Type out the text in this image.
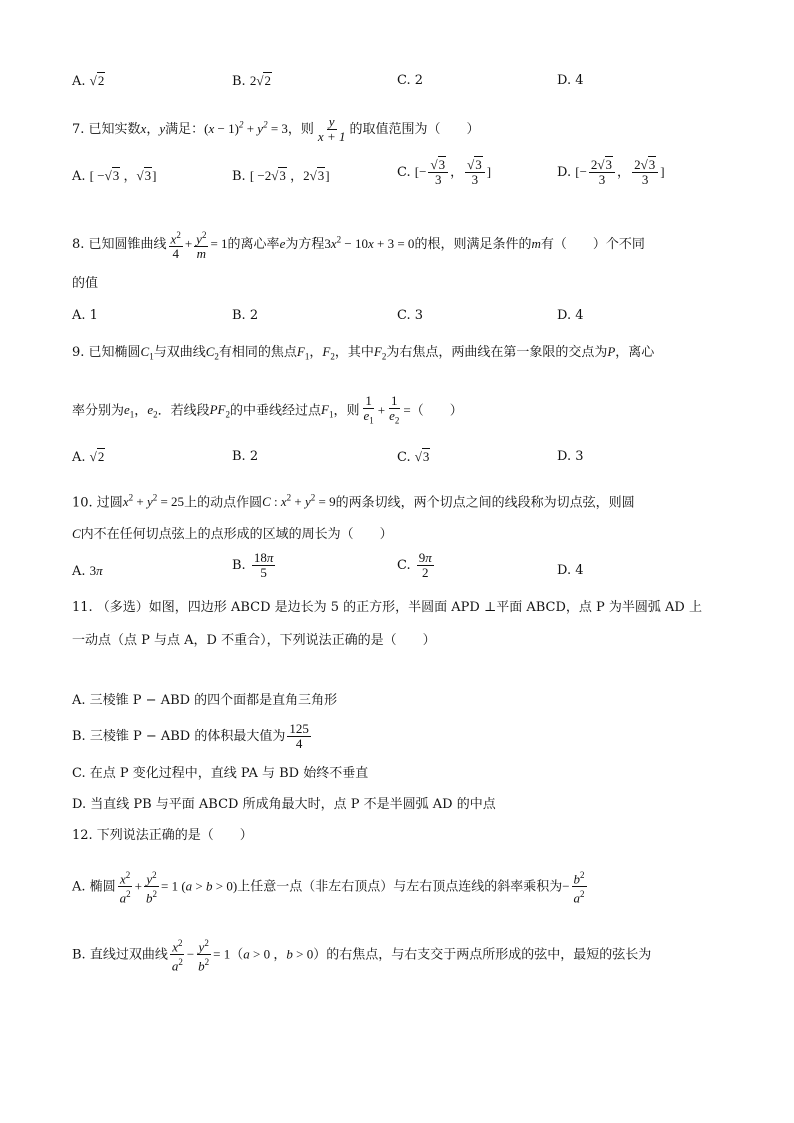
A. √2	B. 2√2	C. 2	D. 4
7. 已知实数x，y满足：$(x - 1)^2 + y^2 = 3$，则 $\frac{y}{x + 1}$ 的取值范围为（　　）
A. [ −√3 ，√3]	B. [ −2√3 ，2√3]	C. [− $\frac{√3}{3}$ ， $\frac{√3}{3}$ ]	D. [− $\frac{2√3}{3}$ ， $\frac{2√3}{3}$ ]
8. 已知圆锥曲线 $\frac{x^2}{4} + \frac{y^2}{m} = 1$的离心率e为方程$3x^2 - 10x + 3 = 0$的根，则满足条件的m有（　　）个不同
的值
A. 1	B. 2	C. 3	D. 4
9. 已知椭圆$C_1$与双曲线$C_2$有相同的焦点$F_1$，$F_2$，其中$F_2$为右焦点，两曲线在第一象限的交点为P，离心
率分别为$e_1$，$e_2$．若线段$PF_2$的中垂线经过点$F_1$，则 $\frac{1}{e_1} + \frac{1}{e_2}$ =（　　）
A. √2	B. 2	C. √3	D. 3
10. 过圆$x^2 + y^2 = 25$上的动点作圆C : $x^2 + y^2 = 9$的两条切线，两个切点之间的线段称为切点弦，则圆
C内不在任何切点弦上的点形成的区域的周长为（　　）
A. 3π	B. $\frac{18\pi}{5}$	C. $\frac{9\pi}{2}$	D. 4
11. （多选）如图，四边形 ABCD 是边长为 5 的正方形，半圆面 APD ⊥平面 ABCD，点 P 为半圆弧 AD 上
一动点（点 P 与点 A，D 不重合），下列说法正确的是（　　）
A. 三棱锥 P − ABD 的四个面都是直角三角形
B. 三棱锥 P − ABD 的体积最大值为 $\frac{125}{4}$
C. 在点 P 变化过程中，直线 PA 与 BD 始终不垂直
D. 当直线 PB 与平面 ABCD 所成角最大时，点 P 不是半圆弧 AD 的中点
12. 下列说法正确的是（　　）
A. 椭圆 $\frac{x^2}{a^2} + \frac{y^2}{b^2} = 1$ (a > b > 0)上任意一点（非左右顶点）与左右顶点连线的斜率乘积为− $\frac{b^2}{a^2}$
B. 直线过双曲线 $\frac{x^2}{a^2} - \frac{y^2}{b^2} = 1(a > 0$ ，b > 0）的右焦点，与右支交于两点所形成的弦中，最短的弦长为
